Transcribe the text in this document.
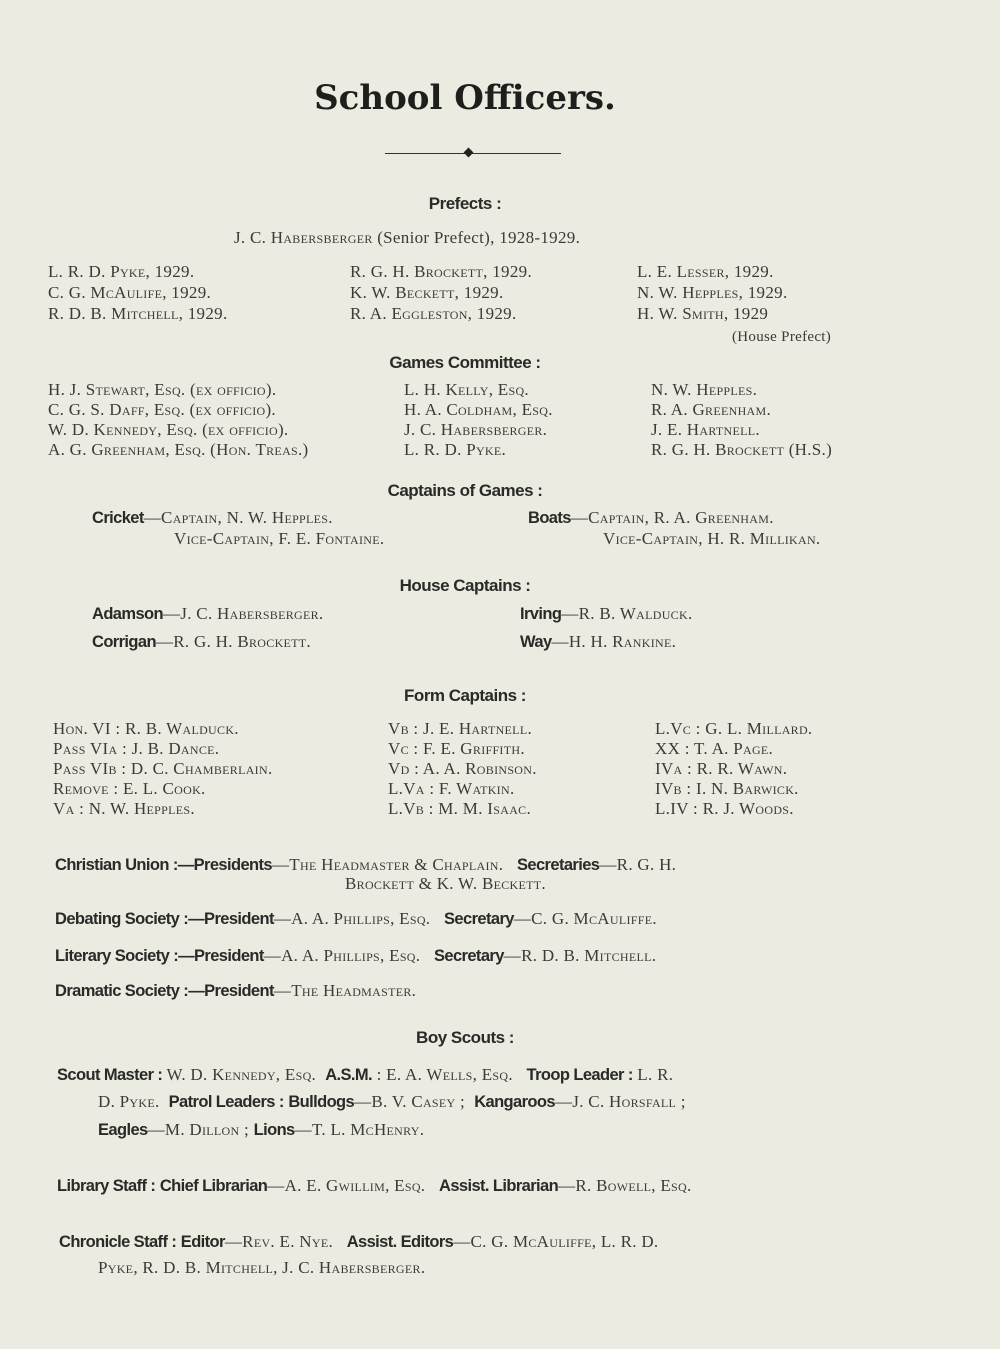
School Officers.
Prefects :
J. C. Habersberger (Senior Prefect), 1928-1929.
L. R. D. Pyke, 1929.
C. G. McAulife, 1929.
R. D. B. Mitchell, 1929.
R. G. H. Brockett, 1929.
K. W. Beckett, 1929.
R. A. Eggleston, 1929.
L. E. Lesser, 1929.
N. W. Hepples, 1929.
H. W. Smith, 1929
(House Prefect)
Games Committee :
H. J. Stewart, Esq. (ex officio).
C. G. S. Daff, Esq. (ex officio).
W. D. Kennedy, Esq. (ex officio).
A. G. Greenham, Esq. (Hon. Treas.)
L. H. Kelly, Esq.
H. A. Coldham, Esq.
J. C. Habersberger.
L. R. D. Pyke.
N. W. Hepples.
R. A. Greenham.
J. E. Hartnell.
R. G. H. Brockett (H.S.)
Captains of Games :
Cricket—Captain, N. W. Hepples.
Vice-Captain, F. E. Fontaine.
Boats—Captain, R. A. Greenham.
Vice-Captain, H. R. Millikan.
House Captains :
Adamson—J. C. Habersberger.
Corrigan—R. G. H. Brockett.
Irving—R. B. Walduck.
Way—H. H. Rankine.
Form Captains :
Hon. VI : R. B. Walduck.
Pass VIa : J. B. Dance.
Pass VIb : D. C. Chamberlain.
Remove : E. L. Cook.
Va : N. W. Hepples.
Vb : J. E. Hartnell.
Vc : F. E. Griffith.
Vd : A. A. Robinson.
L.Va : F. Watkin.
L.Vb : M. M. Isaac.
L.Vc : G. L. Millard.
XX : T. A. Page.
IVa : R. R. Wawn.
IVb : I. N. Barwick.
L.IV : R. J. Woods.
Christian Union :—Presidents—The Headmaster & Chaplain. Secretaries—R. G. H.
Brockett & K. W. Beckett.
Debating Society :—President—A. A. Phillips, Esq. Secretary—C. G. McAuliffe.
Literary Society :—President—A. A. Phillips, Esq. Secretary—R. D. B. Mitchell.
Dramatic Society :—President—The Headmaster.
Boy Scouts :
Scout Master : W. D. Kennedy, Esq. A.S.M. : E. A. Wells, Esq. Troop Leader : L. R.
D. Pyke. Patrol Leaders : Bulldogs—B. V. Casey ; Kangaroos—J. C. Horsfall ;
Eagles—M. Dillon ; Lions—T. L. McHenry.
Library Staff : Chief Librarian—A. E. Gwillim, Esq. Assist. Librarian—R. Bowell, Esq.
Chronicle Staff : Editor—Rev. E. Nye. Assist. Editors—C. G. McAuliffe, L. R. D.
Pyke, R. D. B. Mitchell, J. C. Habersberger.
